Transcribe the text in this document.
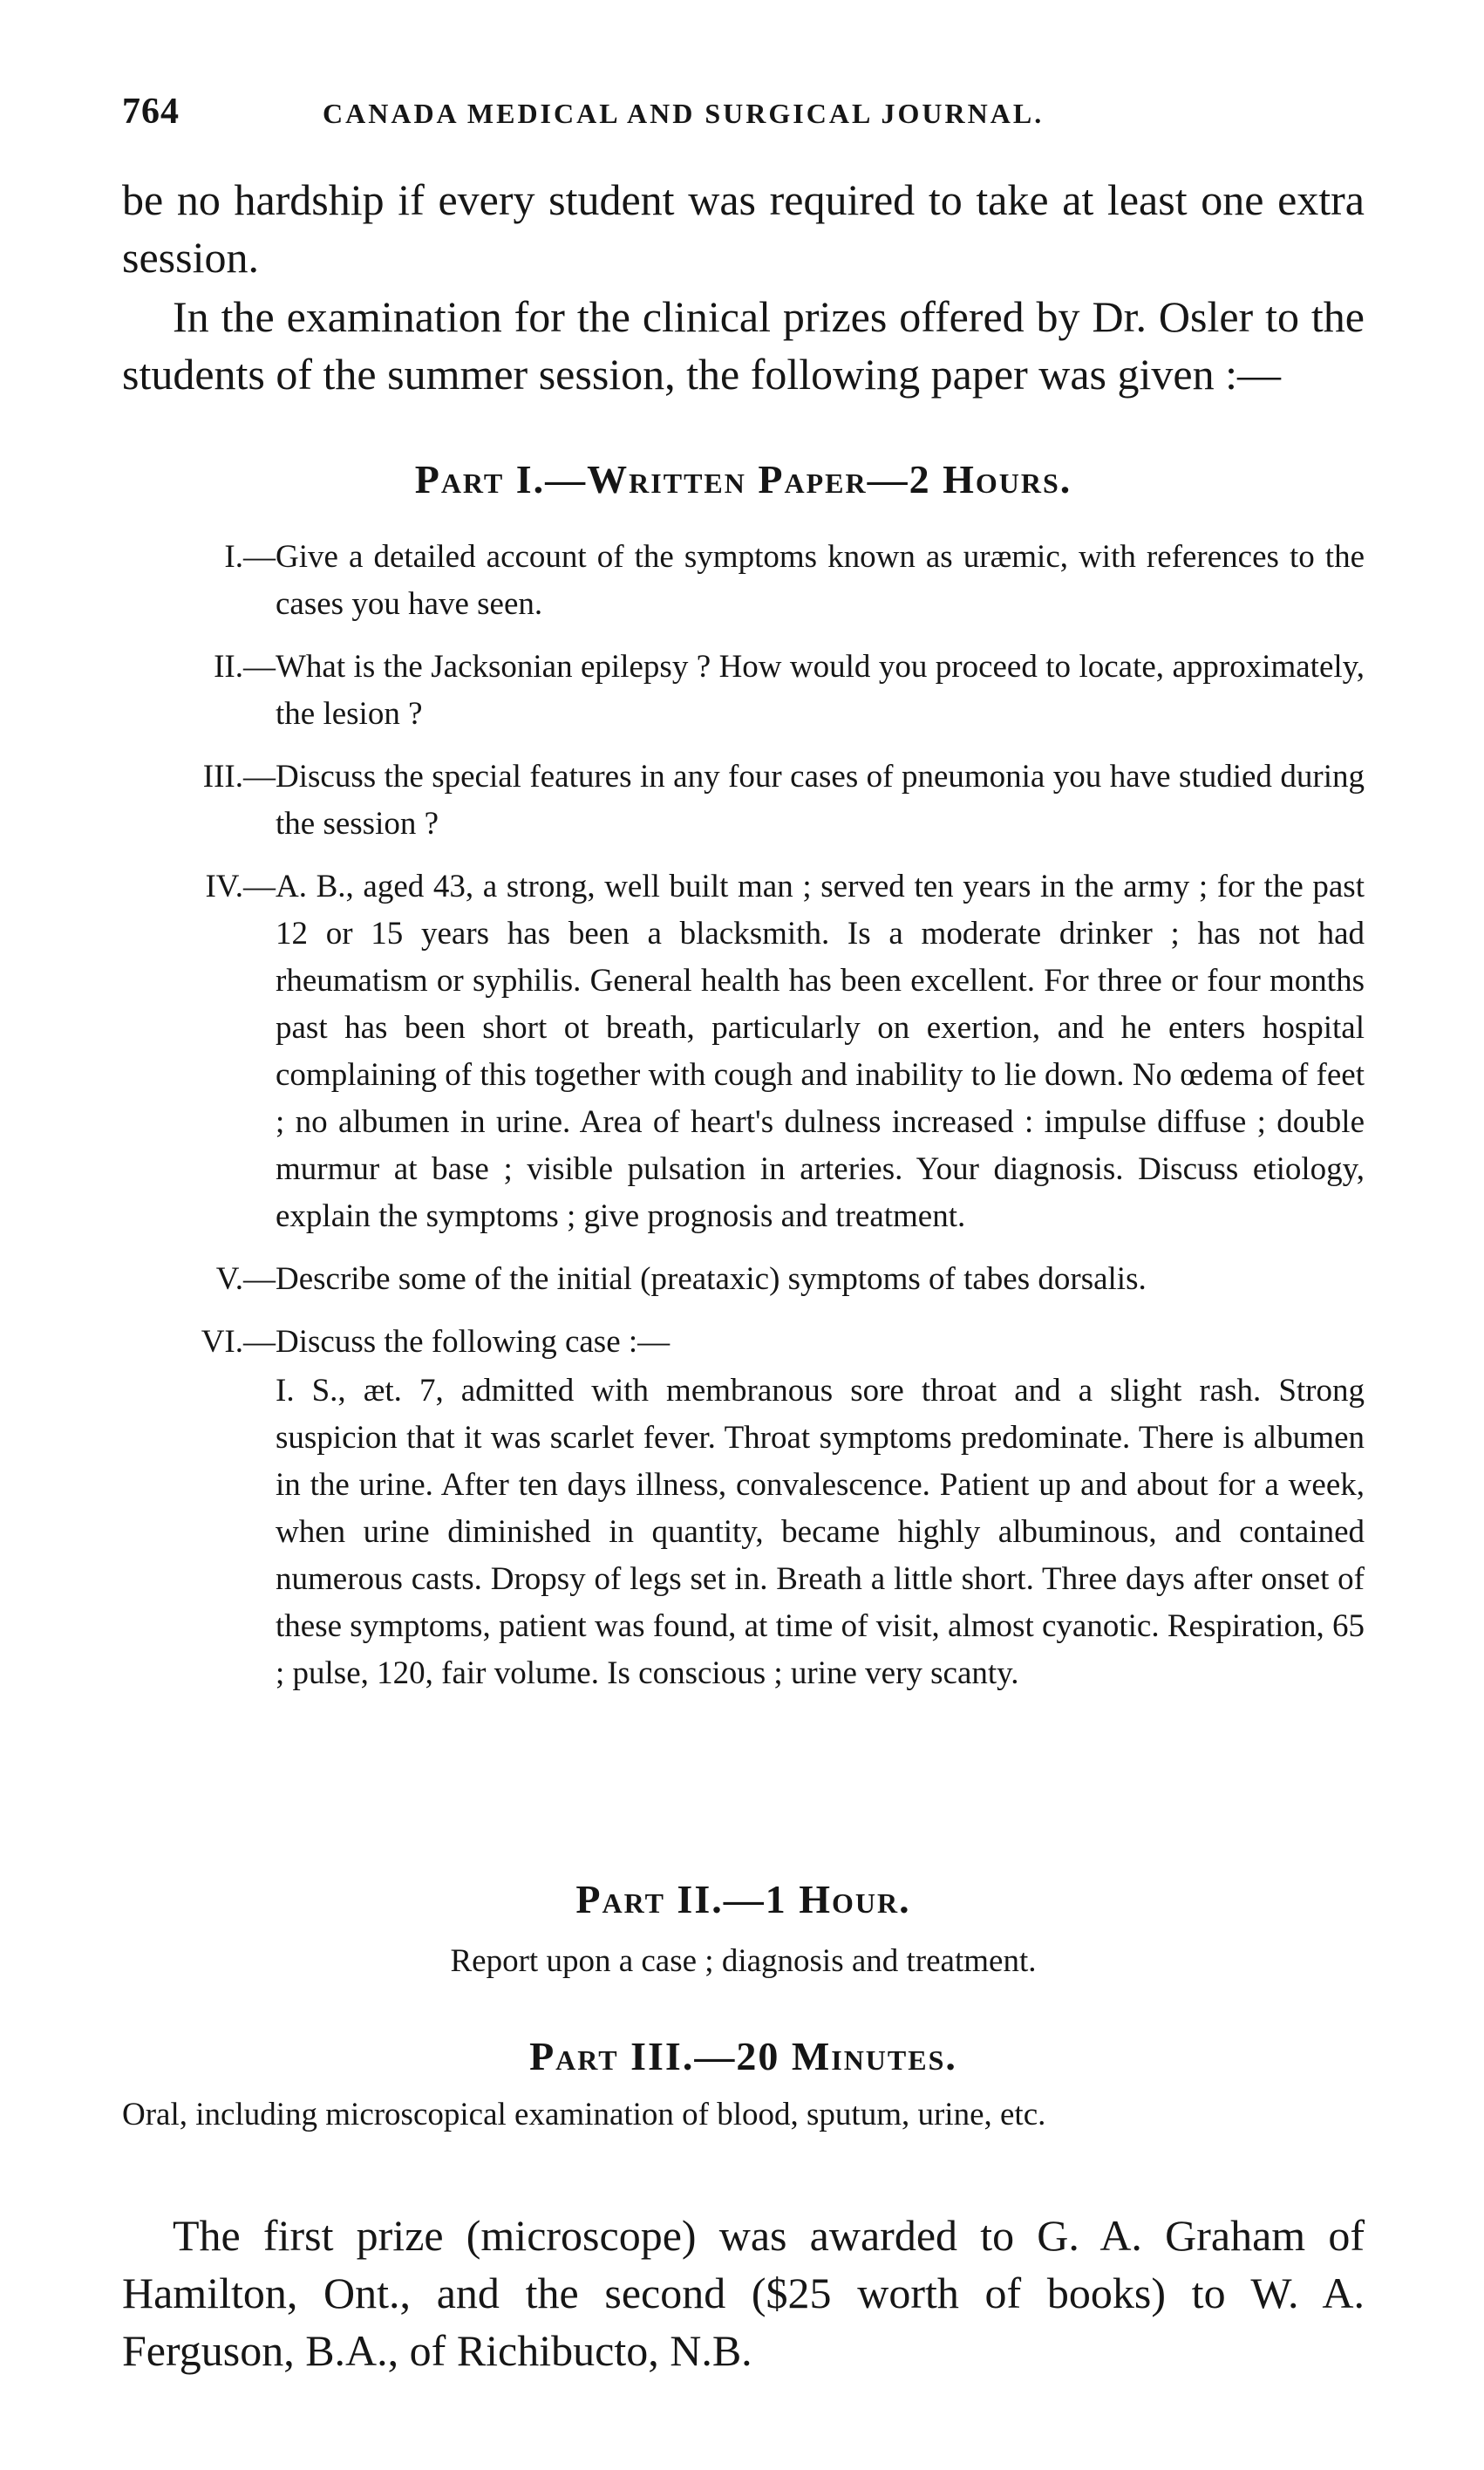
764	CANADA MEDICAL AND SURGICAL JOURNAL.

be no hardship if every student was required to take at least one extra session.

In the examination for the clinical prizes offered by Dr. Osler to the students of the summer session, the following paper was given :—

Part I.—Written Paper—2 Hours.
I.— Give a detailed account of the symptoms known as uræmic, with references to the cases you have seen.
II.— What is the Jacksonian epilepsy ? How would you proceed to locate, approximately, the lesion ?
III.— Discuss the special features in any four cases of pneumonia you have studied during the session ?
IV.— A. B., aged 43, a strong, well built man ; served ten years in the army ; for the past 12 or 15 years has been a blacksmith. Is a moderate drinker ; has not had rheumatism or syphilis. General health has been excellent. For three or four months past has been short ot breath, particularly on exertion, and he enters hospital complaining of this together with cough and inability to lie down. No œdema of feet ; no albumen in urine. Area of heart's dulness increased : impulse diffuse ; double murmur at base ; visible pulsation in arteries. Your diagnosis. Discuss etiology, explain the symptoms ; give prognosis and treatment.
V.— Describe some of the initial (preataxic) symptoms of tabes dorsalis.
VI.— Discuss the following case :—
I. S., æt. 7, admitted with membranous sore throat and a slight rash. Strong suspicion that it was scarlet fever. Throat symptoms predominate. There is albumen in the urine. After ten days illness, convalescence. Patient up and about for a week, when urine diminished in quantity, became highly albuminous, and contained numerous casts. Dropsy of legs set in. Breath a little short. Three days after onset of these symptoms, patient was found, at time of visit, almost cyanotic. Respiration, 65 ; pulse, 120, fair volume. Is conscious ; urine very scanty.
Part II.—1 Hour.

Report upon a case ; diagnosis and treatment.

Part III.—20 Minutes.

Oral, including microscopical examination of blood, sputum, urine, etc.

The first prize (microscope) was awarded to G. A. Graham of Hamilton, Ont., and the second ($25 worth of books) to W. A. Ferguson, B.A., of Richibucto, N.B.
